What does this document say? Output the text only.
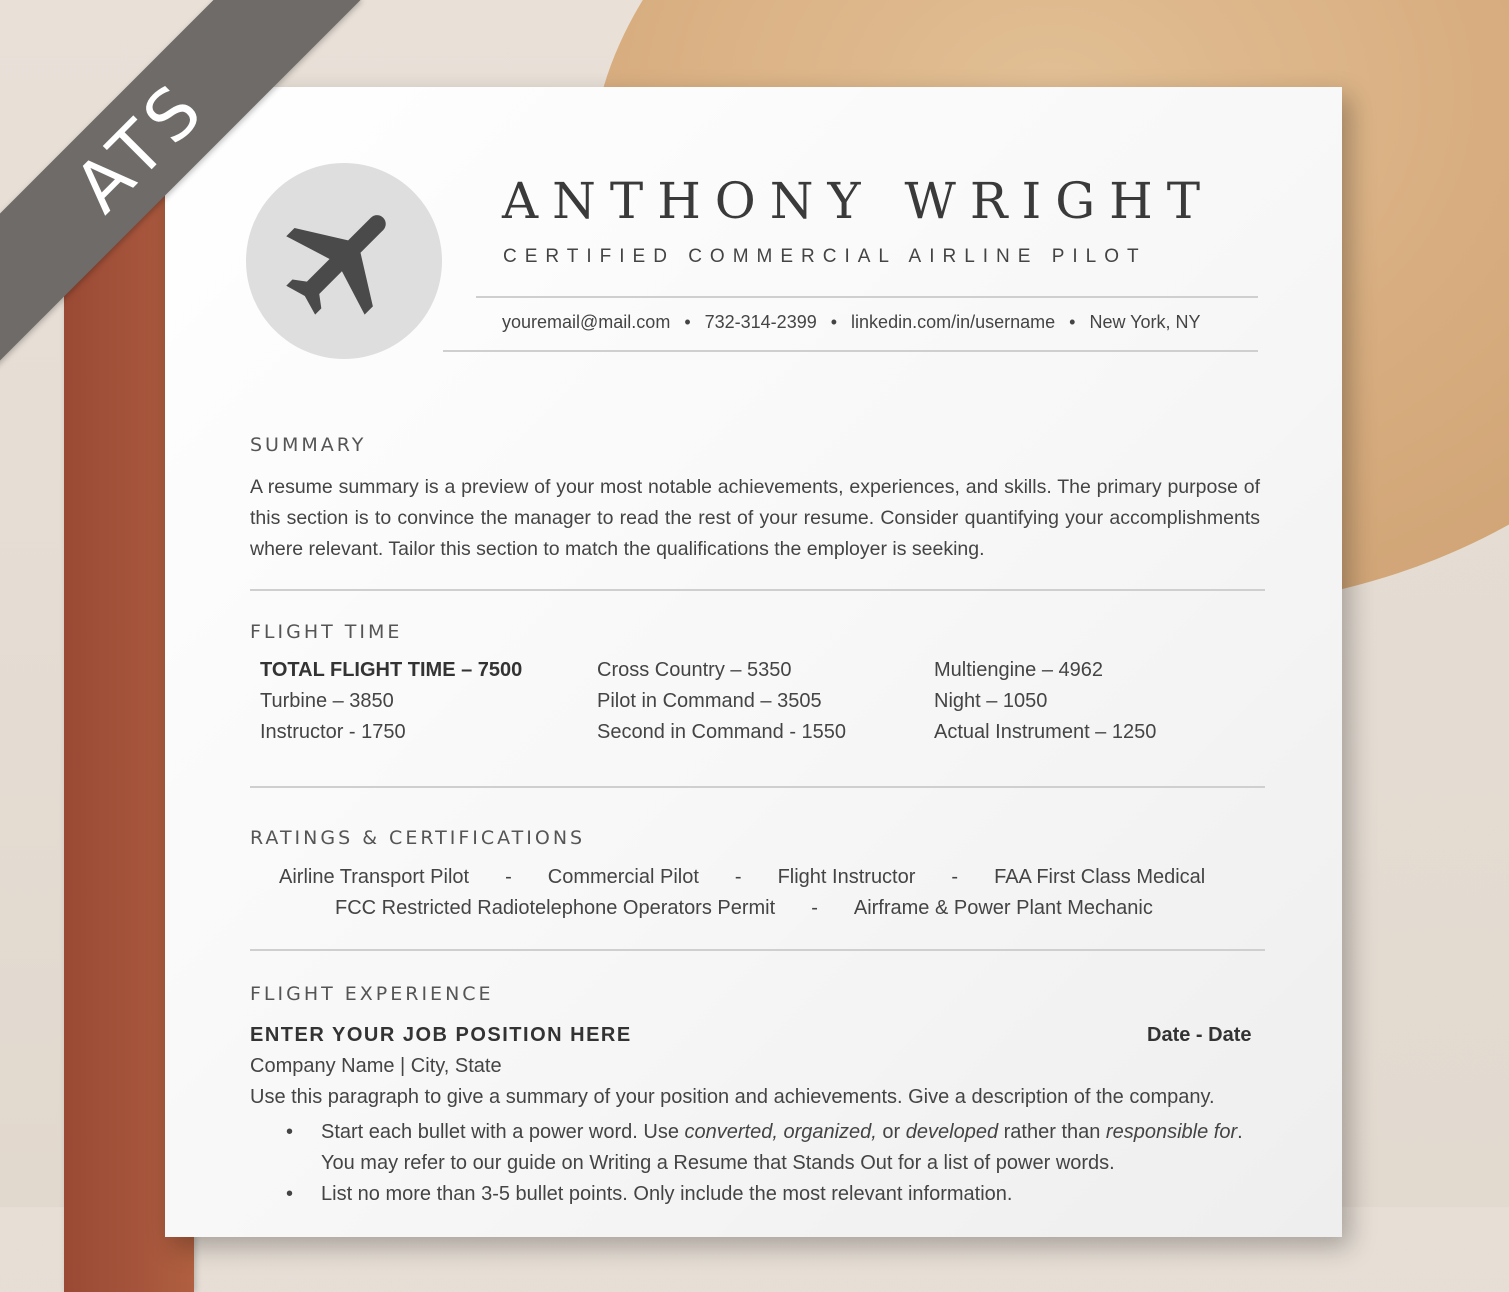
ANTHONY WRIGHT
CERTIFIED COMMERCIAL AIRLINE PILOT
youremail@mail.com • 732-314-2399 • linkedin.com/in/username • New York, NY
SUMMARY
A resume summary is a preview of your most notable achievements, experiences, and skills. The primary purpose of this section is to convince the manager to read the rest of your resume. Consider quantifying your accomplishments where relevant. Tailor this section to match the qualifications the employer is seeking.
FLIGHT TIME
TOTAL FLIGHT TIME – 7500
Turbine – 3850
Instructor - 1750
Cross Country – 5350
Pilot in Command – 3505
Second in Command - 1550
Multiengine – 4962
Night – 1050
Actual Instrument – 1250
RATINGS & CERTIFICATIONS
Airline Transport Pilot - Commercial Pilot - Flight Instructor - FAA First Class Medical
FCC Restricted Radiotelephone Operators Permit - Airframe & Power Plant Mechanic
FLIGHT EXPERIENCE
ENTER YOUR JOB POSITION HERE	Date - Date
Company Name | City, State
Use this paragraph to give a summary of your position and achievements. Give a description of the company.
• Start each bullet with a power word. Use converted, organized, or developed rather than responsible for.
You may refer to our guide on Writing a Resume that Stands Out for a list of power words.
• List no more than 3-5 bullet points. Only include the most relevant information.
ATS
